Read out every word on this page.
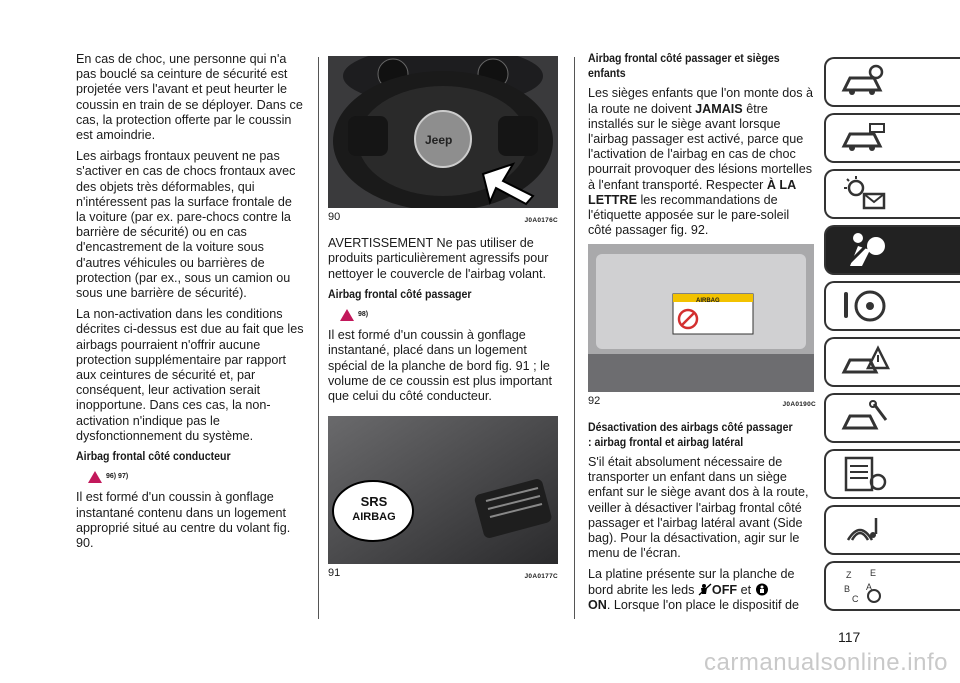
En cas de choc, une personne qui n'a pas bouclé sa ceinture de sécurité est projetée vers l'avant et peut heurter le coussin en train de se déployer. Dans ce cas, la protection offerte par le coussin est amoindrie.

Les airbags frontaux peuvent ne pas s'activer en cas de chocs frontaux avec des objets très déformables, qui n'intéressent pas la surface frontale de la voiture (par ex. pare-chocs contre la barrière de sécurité) ou en cas d'encastrement de la voiture sous d'autres véhicules ou barrières de protection (par ex., sous un camion ou sous une barrière de sécurité).

La non-activation dans les conditions décrites ci-dessus est due au fait que les airbags pourraient n'offrir aucune protection supplémentaire par rapport aux ceintures de sécurité et, par conséquent, leur activation serait inopportune. Dans ces cas, la non-activation n'indique pas le dysfonctionnement du système.

Airbag frontal côté conducteur
96) 97)

Il est formé d'un coussin à gonflage instantané contenu dans un logement approprié situé au centre du volant fig. 90.

Jeep
90	J0A0176C

AVERTISSEMENT Ne pas utiliser de produits particulièrement agressifs pour nettoyer le couvercle de l'airbag volant.

Airbag frontal côté passager
98)

Il est formé d'un coussin à gonflage instantané, placé dans un logement spécial de la planche de bord fig. 91 ; le volume de ce coussin est plus important que celui du côté conducteur.

SRS
AIRBAG
91	J0A0177C
Airbag frontal côté passager et sièges enfants

Les sièges enfants que l'on monte dos à la route ne doivent JAMAIS être installés sur le siège avant lorsque l'airbag passager est activé, parce que l'activation de l'airbag en cas de choc pourrait provoquer des lésions mortelles à l'enfant transporté. Respecter À LA LETTRE les recommandations de l'étiquette apposée sur le pare-soleil côté passager fig. 92.

AIRBAG
92	J0A0190C
Désactivation des airbags côté passager : airbag frontal et airbag latéral

S'il était absolument nécessaire de transporter un enfant dans un siège enfant sur le siège avant dos à la route, veiller à désactiver l'airbag frontal côté passager et l'airbag latéral avant (Side bag). Pour la désactivation, agir sur le menu de l'écran.

La platine présente sur la planche de bord abrite les leds OFF et
ON. Lorsque l'on place le dispositif de

Z E
B A
C
117
carmanualsonline.info
